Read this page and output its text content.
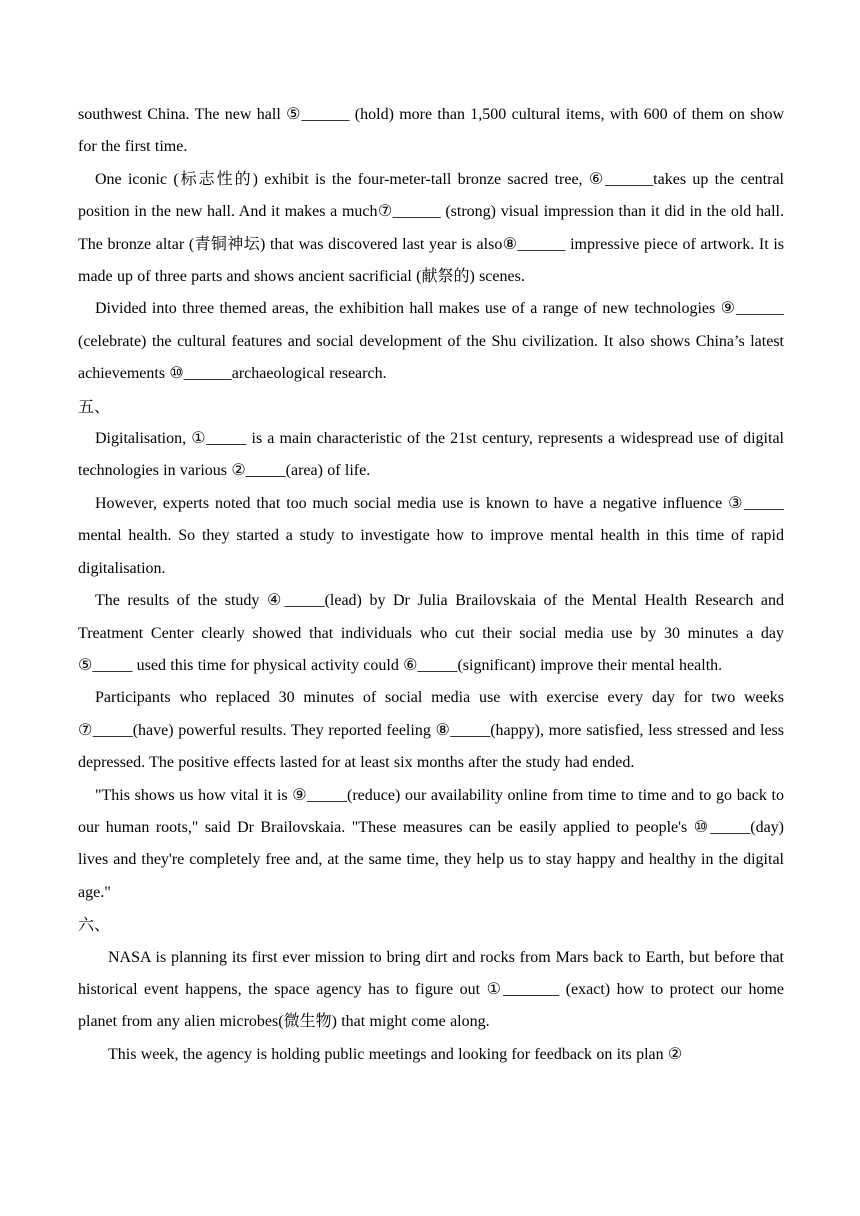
southwest China. The new hall ⑤______ (hold) more than 1,500 cultural items, with 600 of them on show for the first time.

One iconic (标志性的) exhibit is the four-meter-tall bronze sacred tree, ⑥______takes up the central position in the new hall. And it makes a much⑦______ (strong) visual impression than it did in the old hall. The bronze altar (青铜神坛) that was discovered last year is also⑧______ impressive piece of artwork. It is made up of three parts and shows ancient sacrificial (献祭的) scenes.

Divided into three themed areas, the exhibition hall makes use of a range of new technologies ⑨______ (celebrate) the cultural features and social development of the Shu civilization. It also shows China’s latest achievements ⑩______archaeological research.

五、

Digitalisation, ①_____ is a main characteristic of the 21st century, represents a widespread use of digital technologies in various ②_____(area) of life.

However, experts noted that too much social media use is known to have a negative influence ③_____ mental health. So they started a study to investigate how to improve mental health in this time of rapid digitalisation.

The results of the study ④_____(lead) by Dr Julia Brailovskaia of the Mental Health Research and Treatment Center clearly showed that individuals who cut their social media use by 30 minutes a day ⑤_____ used this time for physical activity could ⑥_____(significant) improve their mental health.

Participants who replaced 30 minutes of social media use with exercise every day for two weeks ⑦_____(have) powerful results. They reported feeling ⑧_____(happy), more satisfied, less stressed and less depressed. The positive effects lasted for at least six months after the study had ended.

"This shows us how vital it is ⑨_____(reduce) our availability online from time to time and to go back to our human roots," said Dr Brailovskaia. "These measures can be easily applied to people's ⑩_____(day) lives and they're completely free and, at the same time, they help us to stay happy and healthy in the digital age."

六、

NASA is planning its first ever mission to bring dirt and rocks from Mars back to Earth, but before that historical event happens, the space agency has to figure out ①_______ (exact) how to protect our home planet from any alien microbes(微生物) that might come along.

This week, the agency is holding public meetings and looking for feedback on its plan ②
